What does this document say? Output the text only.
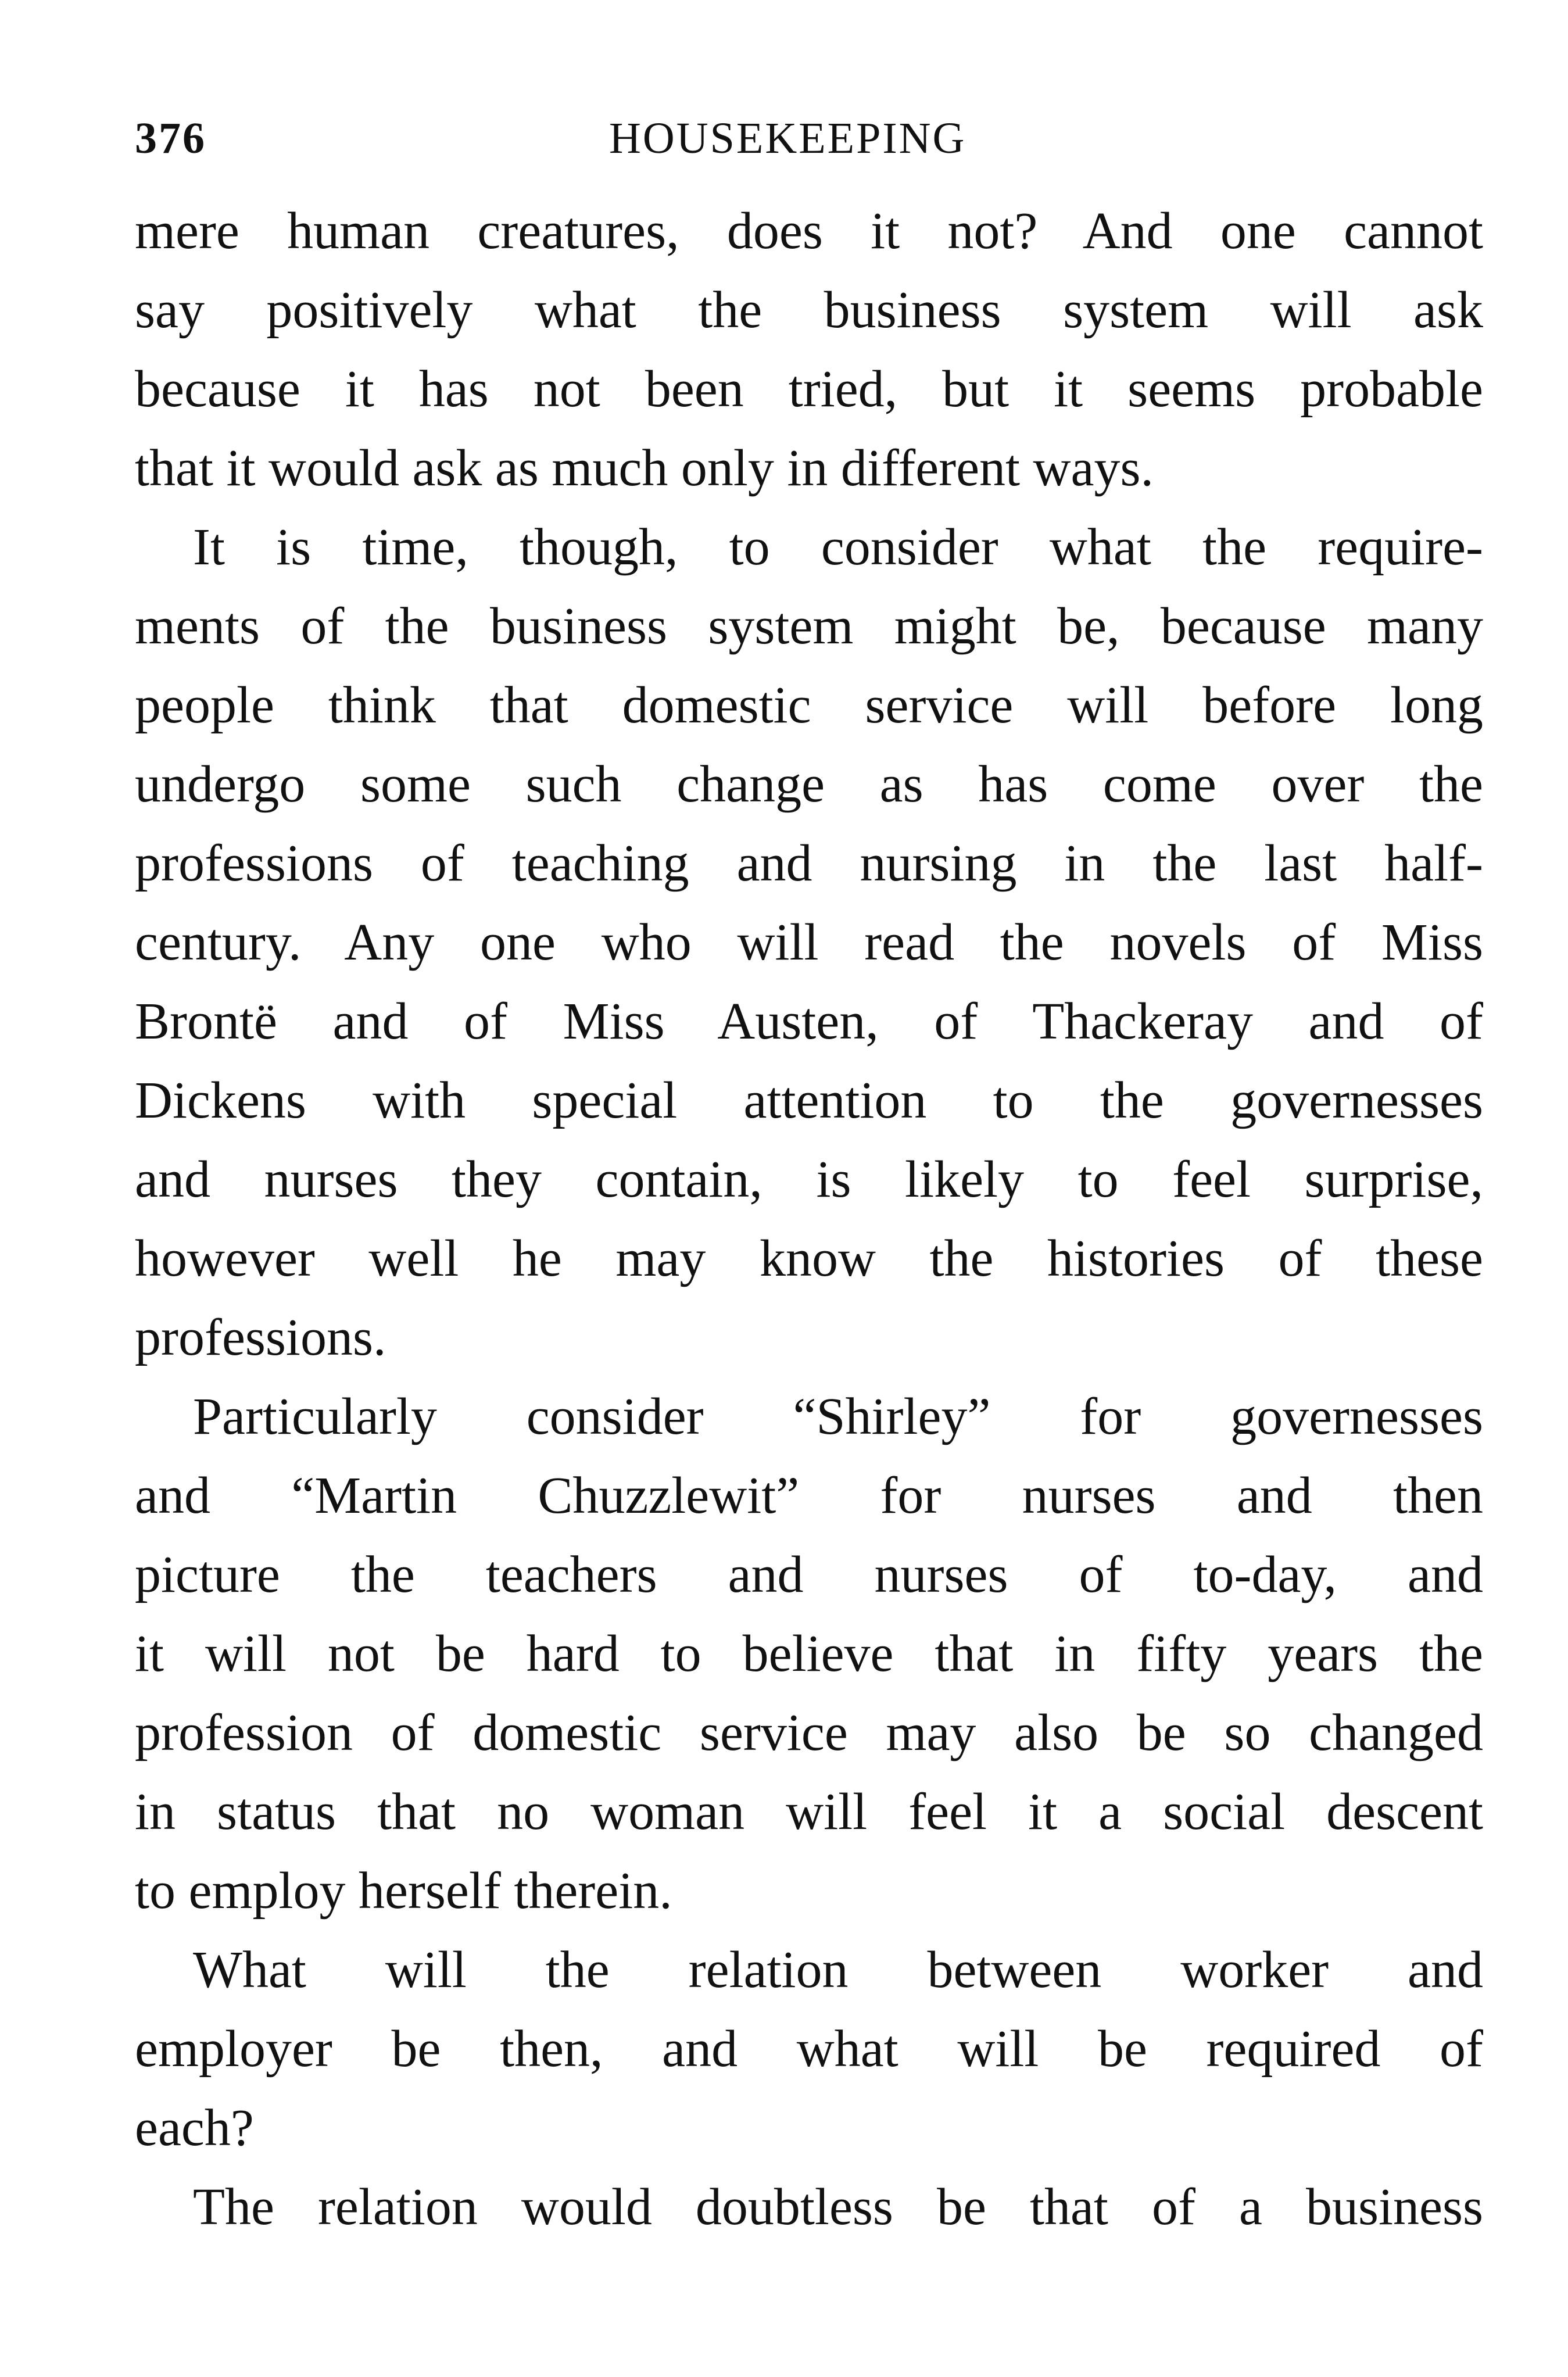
376	HOUSEKEEPING
mere human creatures, does it not? And one cannot
say positively what the business system will ask
because it has not been tried, but it seems probable
that it would ask as much only in different ways.
It is time, though, to consider what the require-
ments of the business system might be, because many
people think that domestic service will before long
undergo some such change as has come over the
professions of teaching and nursing in the last half-
century. Any one who will read the novels of Miss
Brontë and of Miss Austen, of Thackeray and of
Dickens with special attention to the governesses
and nurses they contain, is likely to feel surprise,
however well he may know the histories of these
professions.
Particularly consider “Shirley” for governesses
and “Martin Chuzzlewit” for nurses and then
picture the teachers and nurses of to-day, and
it will not be hard to believe that in fifty years the
profession of domestic service may also be so changed
in status that no woman will feel it a social descent
to employ herself therein.
What will the relation between worker and
employer be then, and what will be required of
each?
The relation would doubtless be that of a business
